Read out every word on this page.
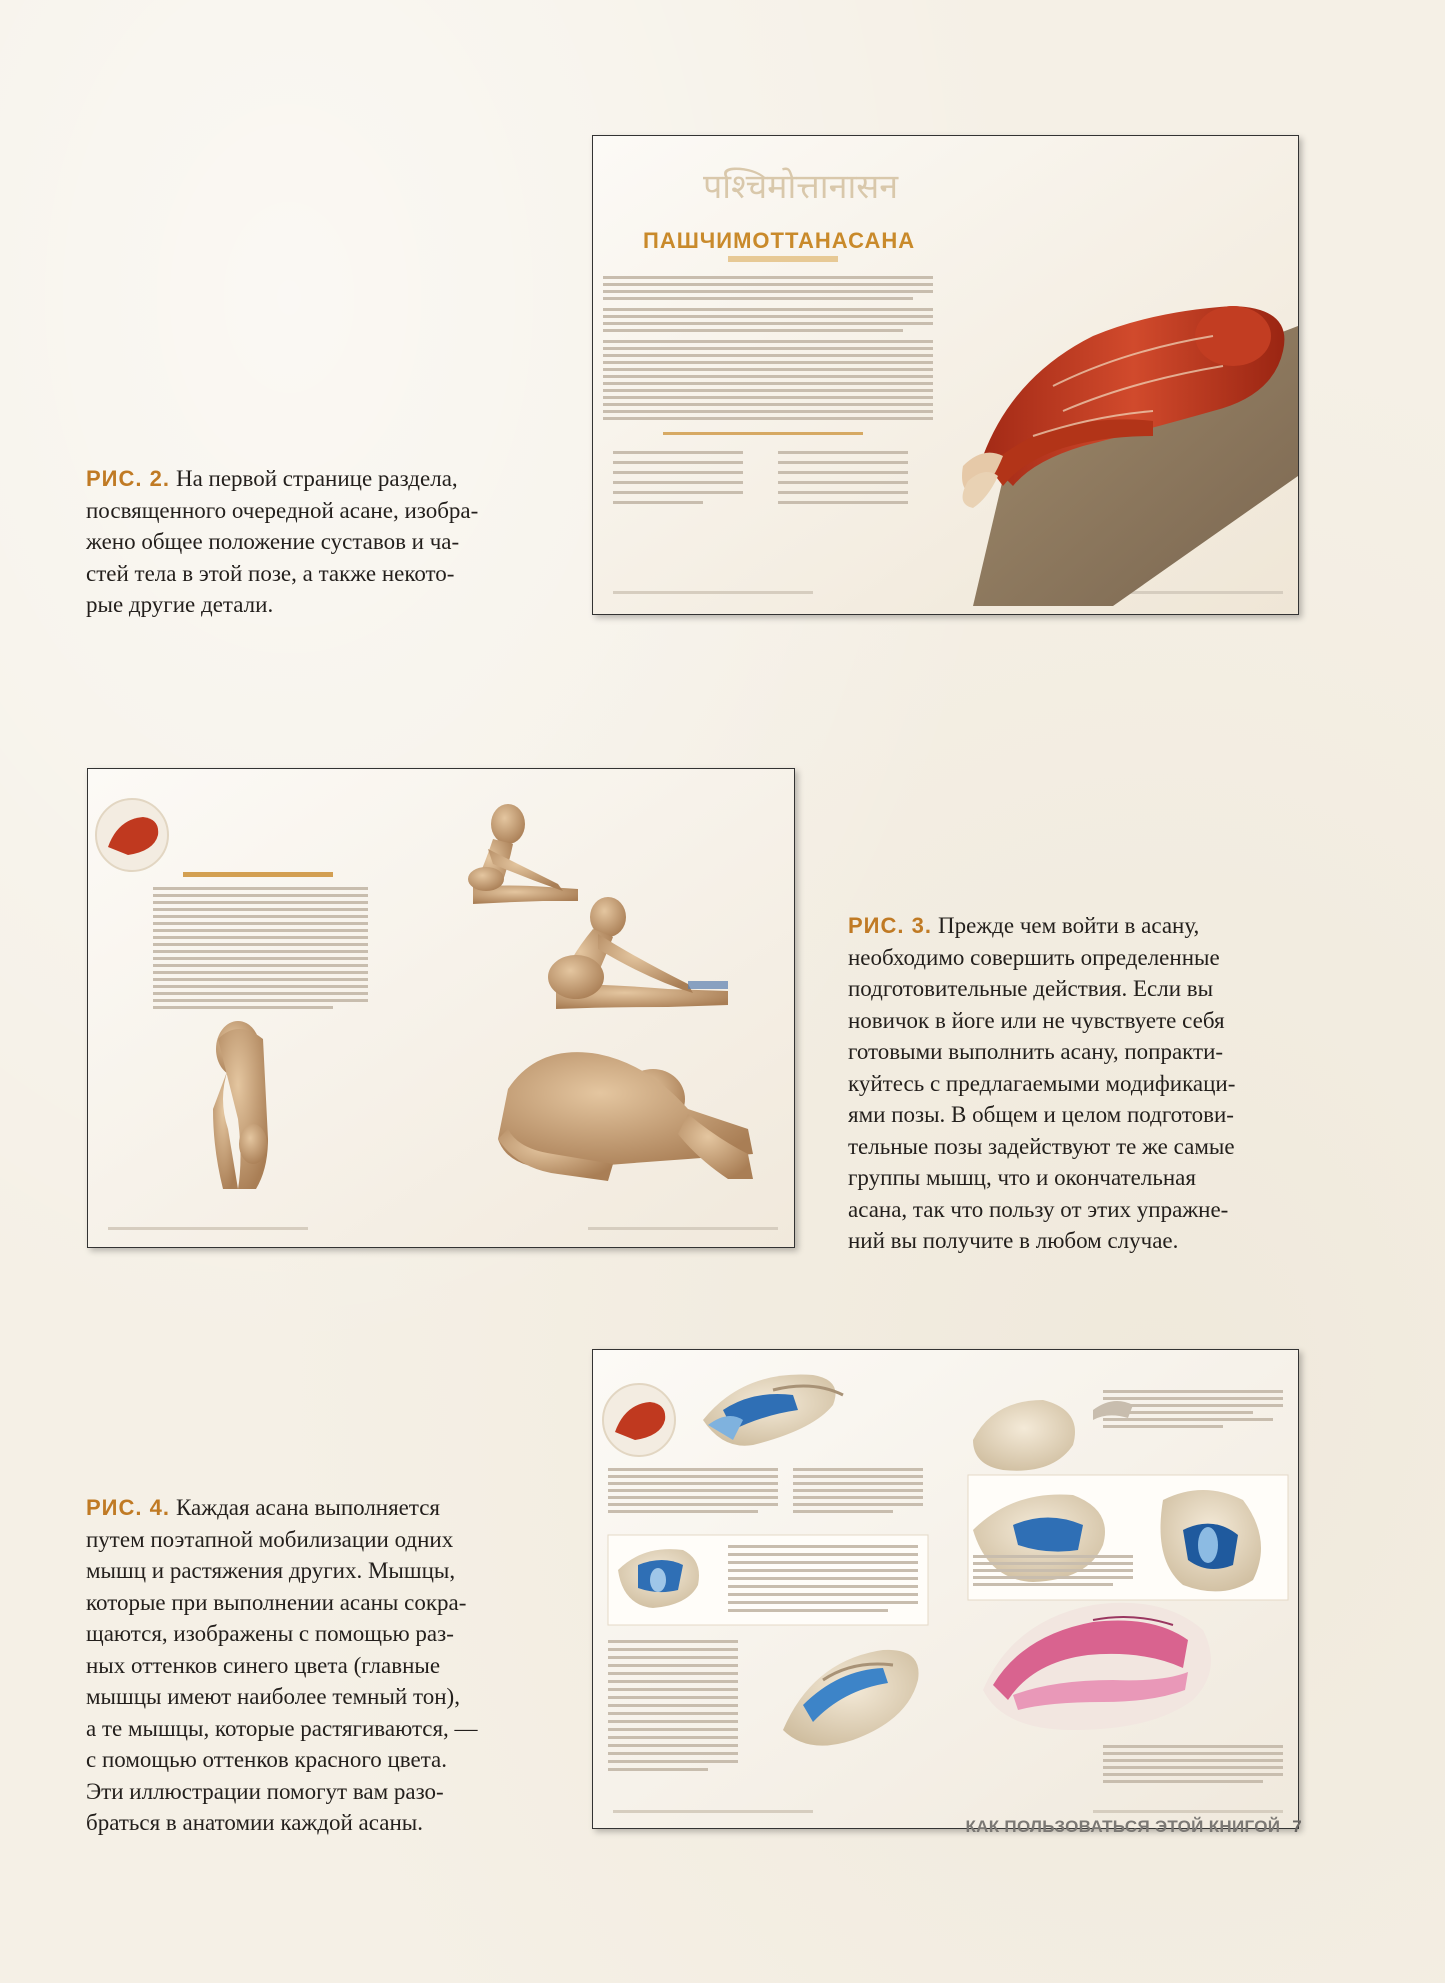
पश्चिमोत्तानासन
ПАШЧИМОТТАНАСАНА
РИС. 2. На первой странице раздела,
посвященного очередной асане, изобра-
жено общее положение суставов и ча-
стей тела в этой позе, а также некото-
рые другие детали.
РИС. 3. Прежде чем войти в асану,
необходимо совершить определенные
подготовительные действия. Если вы
новичок в йоге или не чувствуете себя
готовыми выполнить асану, попракти-
куйтесь с предлагаемыми модификаци-
ями позы. В общем и целом подготови-
тельные позы задействуют те же самые
группы мышц, что и окончательная
асана, так что пользу от этих упражне-
ний вы получите в любом случае.
РИС. 4. Каждая асана выполняется
путем поэтапной мобилизации одних
мышц и растяжения других. Мышцы,
которые при выполнении асаны сокра-
щаются, изображены с помощью раз-
ных оттенков синего цвета (главные
мышцы имеют наиболее темный тон),
а те мышцы, которые растягиваются, —
с помощью оттенков красного цвета.
Эти иллюстрации помогут вам разо-
браться в анатомии каждой асаны.	КАК ПОЛЬЗОВАТЬСЯ ЭТОЙ КНИГОЙ 7
